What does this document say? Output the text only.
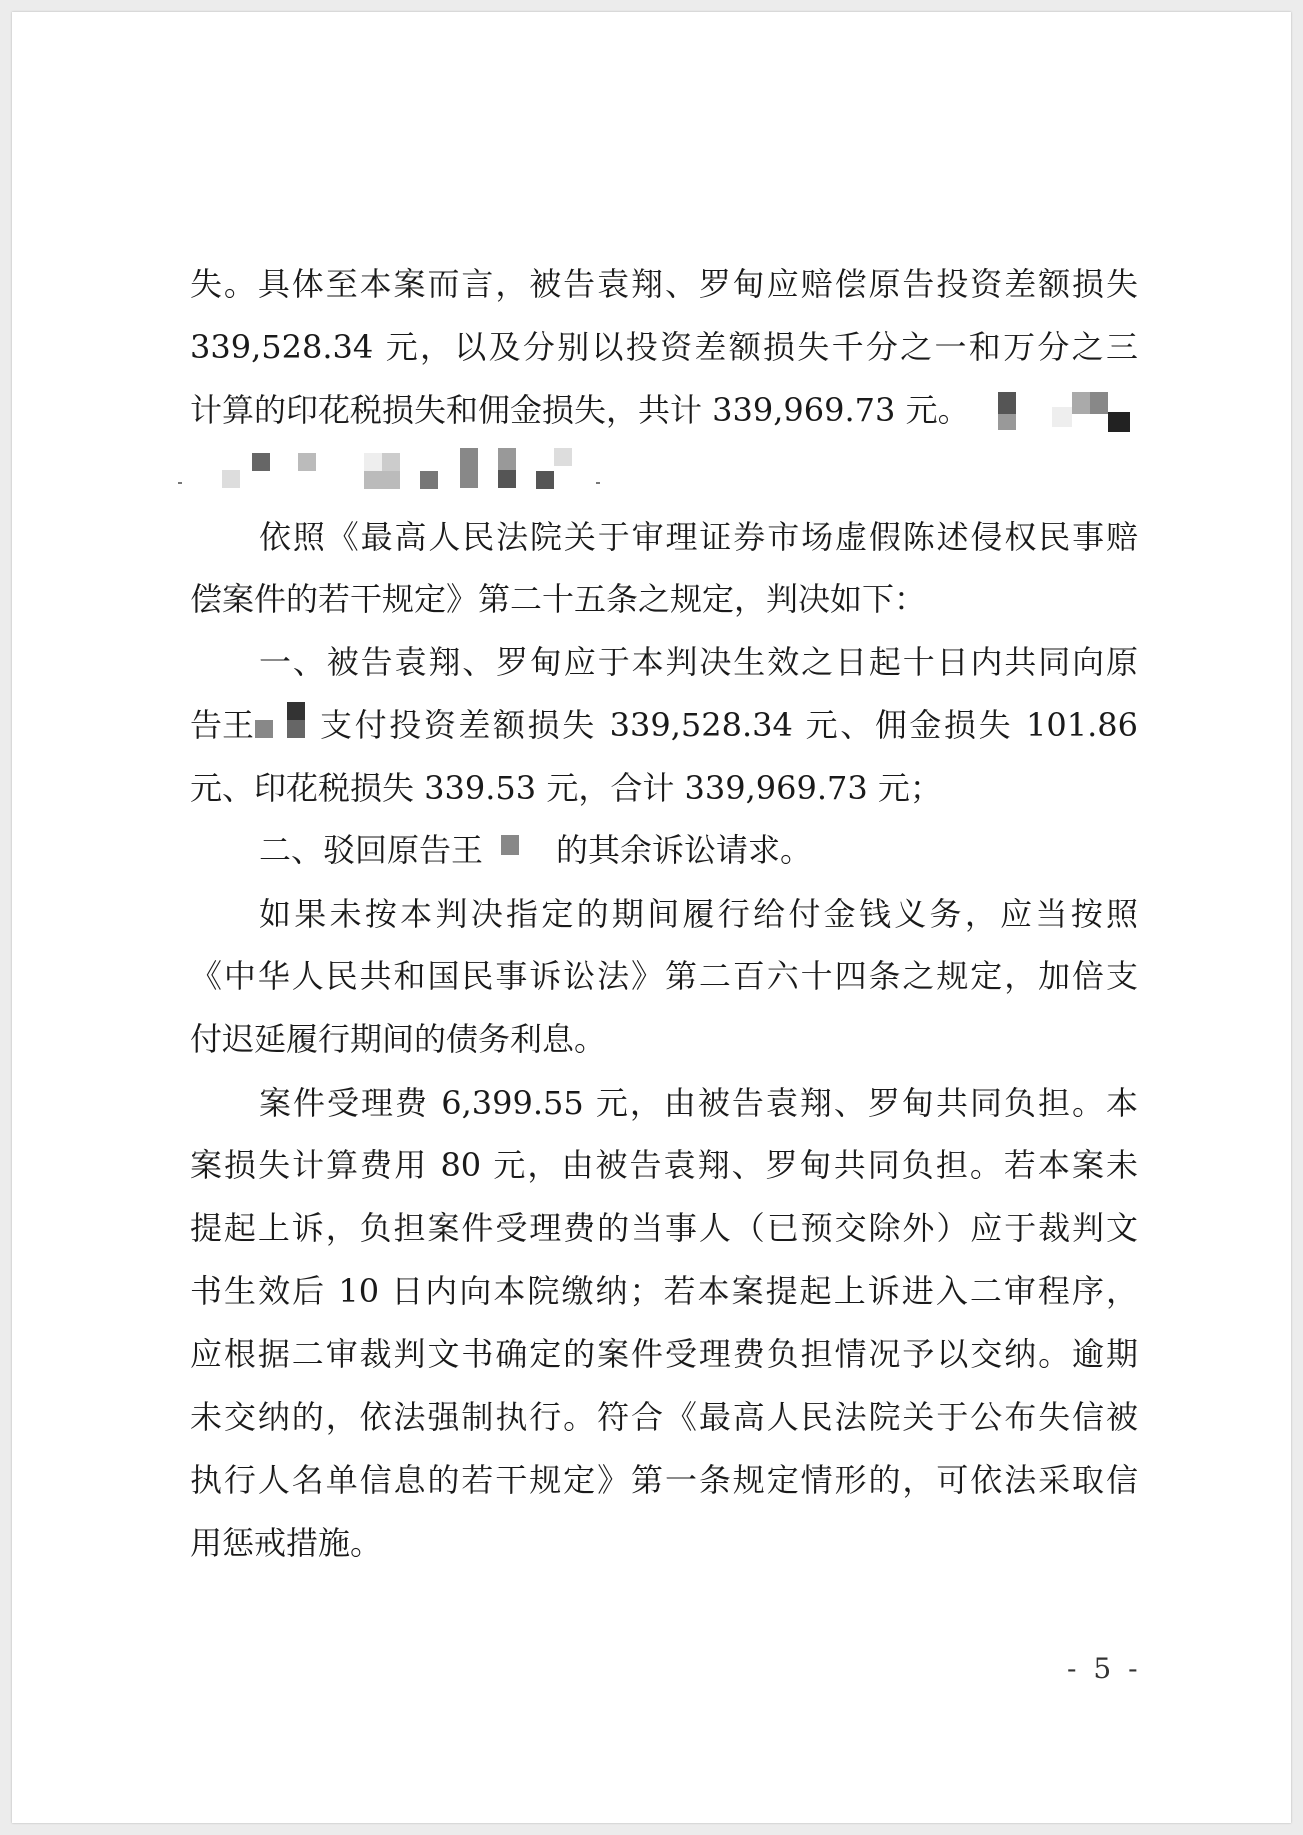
失。具体至本案而言，被告袁翔、罗甸应赔偿原告投资差额损失
339,528.34 元，以及分别以投资差额损失千分之一和万分之三
计算的印花税损失和佣金损失，共计 339,969.73 元。
依照《最高人民法院关于审理证券市场虚假陈述侵权民事赔
偿案件的若干规定》第二十五条之规定，判决如下：
一、被告袁翔、罗甸应于本判决生效之日起十日内共同向原
告王 支付投资差额损失 339,528.34 元、佣金损失 101.86
元、印花税损失 339.53 元，合计 339,969.73 元；
二、驳回原告王 的其余诉讼请求。
如果未按本判决指定的期间履行给付金钱义务，应当按照
《中华人民共和国民事诉讼法》第二百六十四条之规定，加倍支
付迟延履行期间的债务利息。
案件受理费 6,399.55 元，由被告袁翔、罗甸共同负担。本
案损失计算费用 80 元，由被告袁翔、罗甸共同负担。若本案未
提起上诉，负担案件受理费的当事人（已预交除外）应于裁判文
书生效后 10 日内向本院缴纳；若本案提起上诉进入二审程序，
应根据二审裁判文书确定的案件受理费负担情况予以交纳。逾期
未交纳的，依法强制执行。符合《最高人民法院关于公布失信被
执行人名单信息的若干规定》第一条规定情形的，可依法采取信
用惩戒措施。
- 5 -
